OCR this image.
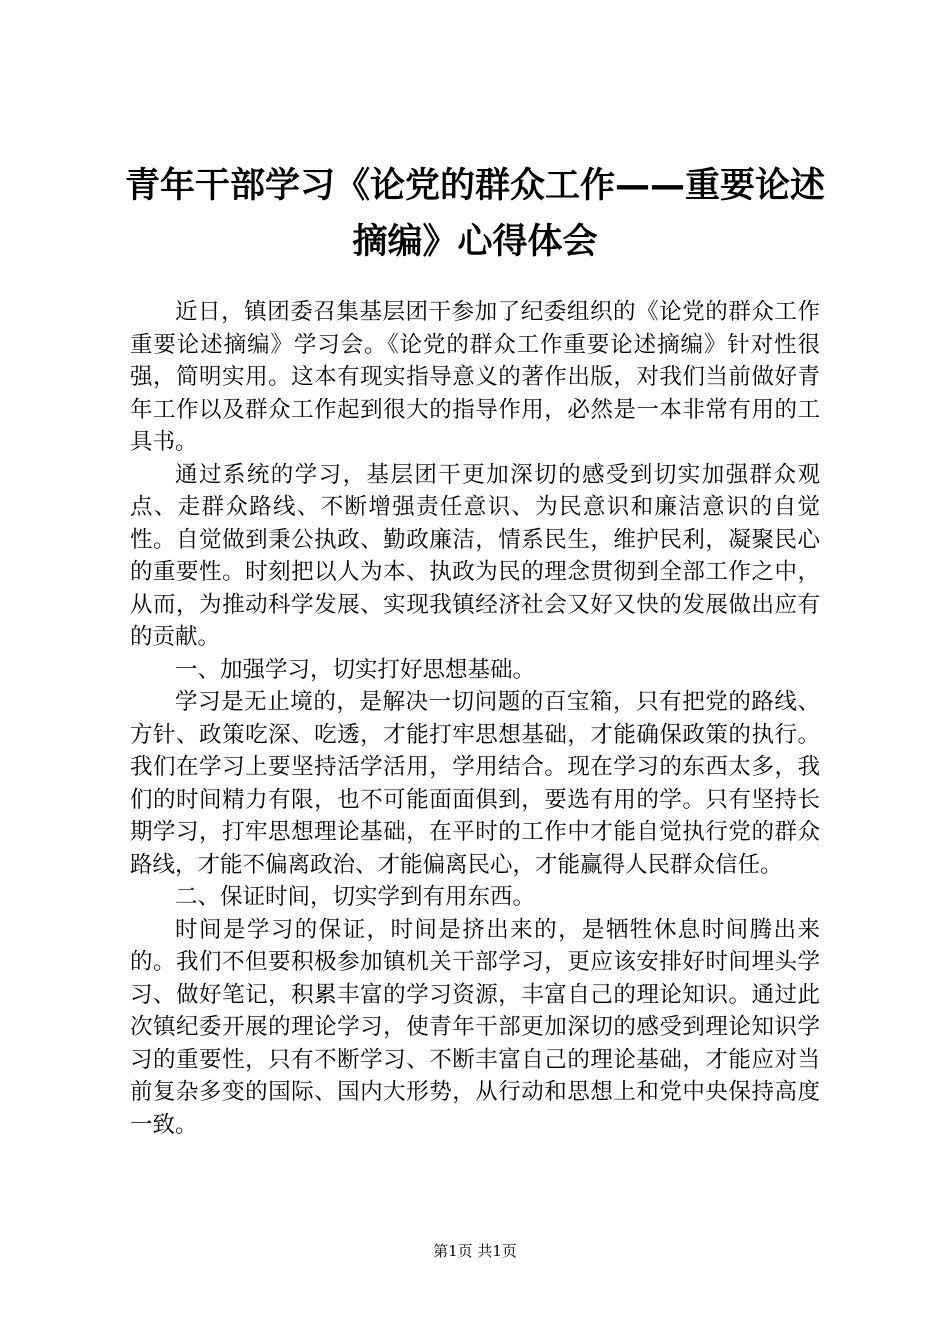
青年干部学习《论党的群众工作——重要论述
摘编》心得体会

近日，镇团委召集基层团干参加了纪委组织的《论党的群众工作重要论述摘编》学习会。《论党的群众工作重要论述摘编》针对性很强，简明实用。这本有现实指导意义的著作出版，对我们当前做好青年工作以及群众工作起到很大的指导作用，必然是一本非常有用的工具书。

通过系统的学习，基层团干更加深切的感受到切实加强群众观点、走群众路线、不断增强责任意识、为民意识和廉洁意识的自觉性。自觉做到秉公执政、勤政廉洁，情系民生，维护民利，凝聚民心的重要性。时刻把以人为本、执政为民的理念贯彻到全部工作之中，从而，为推动科学发展、实现我镇经济社会又好又快的发展做出应有的贡献。

一、加强学习，切实打好思想基础。

学习是无止境的，是解决一切问题的百宝箱，只有把党的路线、方针、政策吃深、吃透，才能打牢思想基础，才能确保政策的执行。我们在学习上要坚持活学活用，学用结合。现在学习的东西太多，我们的时间精力有限，也不可能面面俱到，要选有用的学。只有坚持长期学习，打牢思想理论基础，在平时的工作中才能自觉执行党的群众路线，才能不偏离政治、才能偏离民心，才能赢得人民群众信任。

二、保证时间，切实学到有用东西。

时间是学习的保证，时间是挤出来的，是牺牲休息时间腾出来的。我们不但要积极参加镇机关干部学习，更应该安排好时间埋头学习、做好笔记，积累丰富的学习资源，丰富自己的理论知识。通过此次镇纪委开展的理论学习，使青年干部更加深切的感受到理论知识学习的重要性，只有不断学习、不断丰富自己的理论基础，才能应对当前复杂多变的国际、国内大形势，从行动和思想上和党中央保持高度一致。

第1页 共1页
